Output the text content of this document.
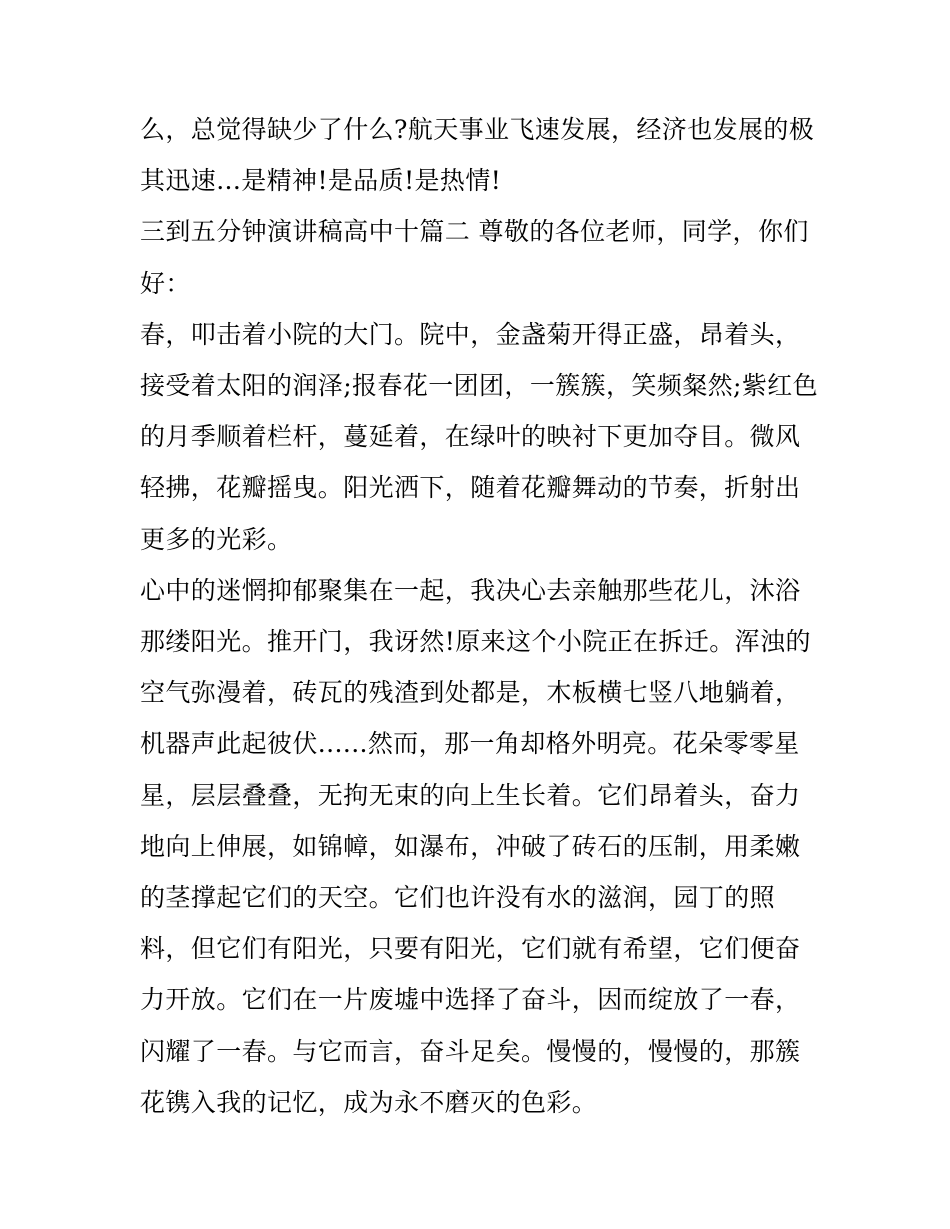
么，总觉得缺少了什么?航天事业飞速发展，经济也发展的极其迅速...是精神!是品质!是热情!

三到五分钟演讲稿高中十篇二 尊敬的各位老师，同学，你们好：

春，叩击着小院的大门。院中，金盏菊开得正盛，昂着头，接受着太阳的润泽;报春花一团团，一簇簇，笑频粲然;紫红色的月季顺着栏杆，蔓延着，在绿叶的映衬下更加夺目。微风轻拂，花瓣摇曳。阳光洒下，随着花瓣舞动的节奏，折射出更多的光彩。

心中的迷惘抑郁聚集在一起，我决心去亲触那些花儿，沐浴那缕阳光。推开门，我讶然!原来这个小院正在拆迁。浑浊的空气弥漫着，砖瓦的残渣到处都是，木板横七竖八地躺着，机器声此起彼伏......然而，那一角却格外明亮。花朵零零星星，层层叠叠，无拘无束的向上生长着。它们昂着头，奋力地向上伸展，如锦幛，如瀑布，冲破了砖石的压制，用柔嫩的茎撑起它们的天空。它们也许没有水的滋润，园丁的照料，但它们有阳光，只要有阳光，它们就有希望，它们便奋力开放。它们在一片废墟中选择了奋斗，因而绽放了一春，闪耀了一春。与它而言，奋斗足矣。慢慢的，慢慢的，那簇花镌入我的记忆，成为永不磨灭的色彩。
